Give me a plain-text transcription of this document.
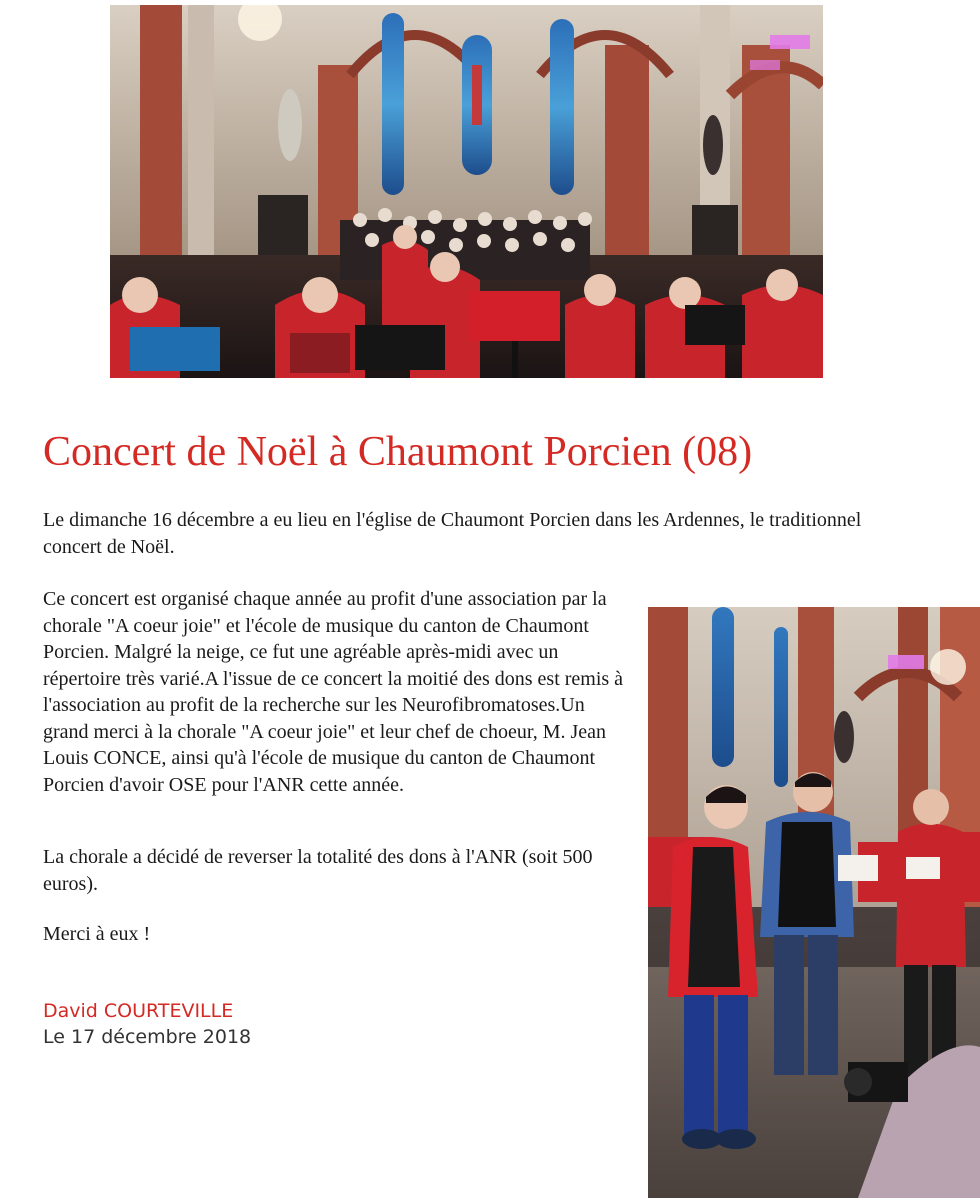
Concert de Noël à Chaumont Porcien (08)

Le dimanche 16 décembre a eu lieu en l'église de Chaumont Porcien dans les Ardennes, le traditionnel concert de Noël.

Ce concert est organisé chaque année au profit d'une association par la chorale "A coeur joie" et l'école de musique du canton de Chaumont Porcien. Malgré la neige, ce fut une agréable après-midi avec un répertoire très varié.A l'issue de ce concert la moitié des dons est remis à l'association au profit de la recherche sur les Neurofibromatoses.Un grand merci à la chorale "A coeur joie" et leur chef de choeur, M. Jean Louis CONCE, ainsi qu'à l'école de musique du canton de Chaumont Porcien d'avoir OSE pour l'ANR cette année.

La chorale a décidé de reverser la totalité des dons à l'ANR (soit 500 euros).

Merci à eux !

David COURTEVILLE
Le 17 décembre 2018
